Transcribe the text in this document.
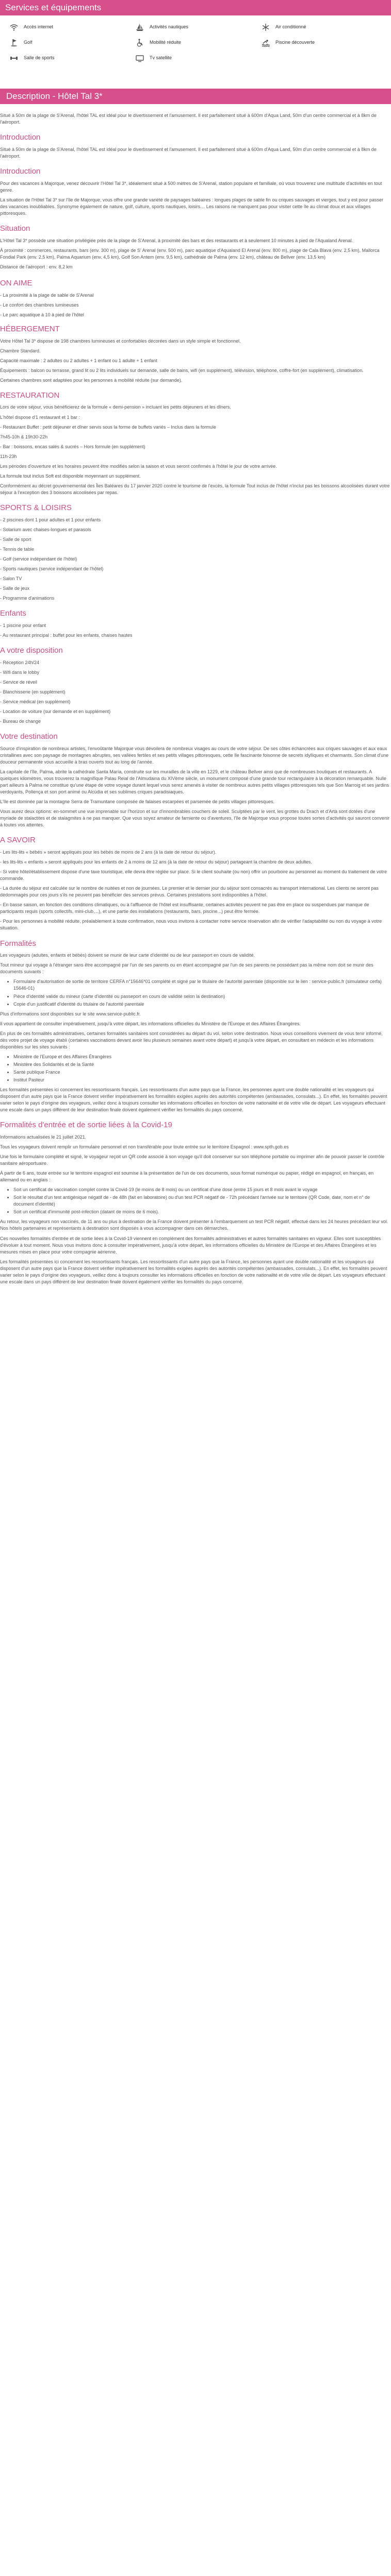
Services et équipements
Accès internet	Activités nautiques	Air conditionné
Golf	Mobilité réduite	Piscine découverte
Salle de sports	Tv satellite
Description - Hôtel Tal 3*

Situé à 50m de la plage de S'Arenal, l'hôtel TAL est idéal pour le divertissement et l'amusement. Il est parfaitement situé à 600m d'Aqua Land, 50m d'un centre commercial et à 8km de l'aéroport.

Introduction

Situé à 50m de la plage de S'Arenal, l'hôtel TAL est idéal pour le divertissement et l'amusement. Il est parfaitement situé à 600m d'Aqua Land, 50m d'un centre commercial et à 8km de l'aéroport.

Introduction

Pour des vacances à Majorque, venez découvrir l'Hôtel Tal 3*, idéalement situé à 500 mètres de S'Arenal, station populaire et familiale, où vous trouverez une multitude d'activités en tout genre.

La situation de l'Hôtel Tal 3* sur l'île de Majorque, vous offre une grande variété de paysages baléaires : longues plages de sable fin ou criques sauvages et vierges, tout y est pour passer des vacances inoubliables. Synonyme également de nature, golf, culture, sports nautiques, loisirs… Les raisons ne manquent pas pour visiter cette île au climat doux et aux villages pittoresques.

Situation

L'Hôtel Tal 3* possède une situation privilégiée près de la plage de S'Arenal, à proximité des bars et des restaurants et à seulement 10 minutes à pied de l'Aqualand Arenal.

À proximité : commerces, restaurants, bars (env. 300 m), plage de S' Arenal (env. 500 m), parc aquatique d'Aqualand El Arenal (env. 800 m), plage de Cala Blava (env. 2,5 km), Mallorca Fondial Park (env. 2,5 km), Palma Aquarium (env. 4,5 km), Golf Son Antem (env. 9,5 km), cathédrale de Palma (env. 12 km), château de Bellver (env. 13,5 km)

Distance de l'aéroport : env. 8,2 km

ON AIME

- La proximité à la plage de sable de S'Arenal

- Le confort des chambres lumineuses

- Le parc aquatique à 10 à pied de l'hôtel

HÉBERGEMENT

Votre Hôtel Tal 3* dispose de 198 chambres lumineuses et confortables décorées dans un style simple et fonctionnel.

Chambre Standard.

Capacité maximale : 2 adultes ou 2 adultes + 1 enfant ou 1 adulte + 1 enfant

Équipements : balcon ou terrasse, grand lit ou 2 lits individuels sur demande, salle de bains, wifi (en supplément), télévision, téléphone, coffre-fort (en supplément), climatisation.

Certaines chambres sont adaptées pour les personnes à mobilité réduite (sur demande).

RESTAURATION

Lors de votre séjour, vous bénéficierez de la formule « demi-pension » incluant les petits déjeuners et les dîners.

L'hôtel dispose d'1 restaurant et 1 bar :

- Restaurant Buffet : petit déjeuner et dîner servis sous la forme de buffets variés – Inclus dans la formule

7h45-10h & 19h30-22h

- Bar : boissons, encas salés & sucrés – Hors formule (en supplément)

11h-23h

Les périodes d'ouverture et les horaires peuvent être modifiés selon la saison et vous seront confirmés à l'hôtel le jour de votre arrivée.

La formule tout inclus Soft est disponible moyennant un supplément.

Conformément au décret gouvernemental des Îles Baléares du 17 janvier 2020 contre le tourisme de l'excès, la formule Tout inclus de l'hôtel n'inclut pas les boissons alcoolisées durant votre séjour à l'exception des 3 boissons alcoolisées par repas.

SPORTS & LOISIRS

- 2 piscines dont 1 pour adultes et 1 pour enfants

- Solarium avec chaises-longues et parasols

- Salle de sport

- Tennis de table

- Golf (service indépendant de l'hôtel)

- Sports nautiques (service indépendant de l'hôtel)

- Salon TV

- Salle de jeux

- Programme d'animations

Enfants

- 1 piscine pour enfant

- Au restaurant principal : buffet pour les enfants, chaises hautes

A votre disposition

- Réception 24h/24

- Wifi dans le lobby

- Service de réveil

- Blanchisserie (en supplément)

- Service médical (en supplément)

- Location de voiture (sur demande et en supplément)

- Bureau de change

Votre destination

Source d'inspiration de nombreux artistes, l'envoûtante Majorque vous dévoilera de nombreux visages au cours de votre séjour. De ses côtes échancrées aux criques sauvages et aux eaux cristallines avec son paysage de montagnes abruptes, ses vallées fertiles et ses petits villages pittoresques, cette île fascinante foisonne de secrets idylliques et charmants. Son climat d'une douceur permanente vous accueille à bras ouverts tout au long de l'année.

La capitale de l'île, Palma, abrite la cathédrale Santa María, construite sur les murailles de la ville en 1229, et le château Bellver ainsi que de nombreuses boutiques et restaurants. A quelques kilomètres, vous trouverez la magnifique Palau Reial de l'Almudaina du XIVème siècle, un monument composé d'une grande tour rectangulaire à la décoration remarquable. Nulle part ailleurs à Palma ne constitue qu'une étape de votre voyage durant lequel vous serez amenés à visiter de nombreux autres petits villages pittoresques tels que Son Marroig et ses jardins verdoyants, Pollença et son port animé ou Alcúdia et ses sublimes criques paradisiaques.

L'île est dominée par la montagne Serra de Tramuntane composée de falaises escarpées et parsemée de petits villages pittoresques.

Vous aurez deux options: en-sommet une vue imprenable sur l'horizon et sur d'innombrables couchers de soleil. Sculptées par le vent, les grottes du Drach et d'Artà sont dotées d'une myriade de stalactites et de stalagmites à ne pas manquer. Que vous soyez amateur de farniente ou d'aventures, l'île de Majorque vous propose toutes sortes d'activités qui sauront convenir à toutes vos attentes.

A SAVOIR

- Les lits-lits « bébés » seront appliqués pour les bébés de moins de 2 ans (à la date de retour du séjour).

- les lits-lits « enfants » seront appliqués pour les enfants de 2 à moins de 12 ans (à la date de retour du séjour) partageant la chambre de deux adultes.

- Si votre hôtel/établissement dispose d'une taxe touristique, elle devra être réglée sur place. Si le client souhaite (ou non) offrir un pourboire au personnel au moment du traitement de votre commande.

- La durée du séjour est calculée sur le nombre de nuitées et non de journées. Le premier et le dernier jour du séjour sont consacrés au transport international. Les clients ne seront pas dédommagés pour ces jours s'ils ne peuvent pas bénéficier des services prévus. Certaines prestations sont indisponibles à l'hôtel.

- En basse saison, en fonction des conditions climatiques, ou à l'affluence de l'hôtel est insuffisante, certaines activités peuvent ne pas être en place ou suspendues par manque de participants requis (sports collectifs, mini-club,...), et une partie des installations (restaurants, bars, piscine...) peut être fermée.

- Pour les personnes à mobilité réduite, préalablement à toute confirmation, nous vous invitons à contacter notre service réservation afin de vérifier l'adaptabilité ou non du voyage à votre situation.

Formalités

Les voyageurs (adultes, enfants et bébés) doivent se munir de leur carte d'identité ou de leur passeport en cours de validité.

Tout mineur qui voyage à l'étranger sans être accompagné par l'un de ses parents ou en étant accompagné par l'un de ses parents ne possédant pas la même nom doit se munir des documents suivants :

• Formulaire d'autorisation de sortie de territoire CERFA n°15646*01 complété et signé par le titulaire de l'autorité parentale (disponible sur le lien : service-public.fr (simulateur cerfa) 15646-01)
• Pièce d'identité valide du mineur (carte d'identité ou passeport en cours de validité selon la destination)
• Copie d'un justificatif d'identité du titulaire de l'autorité parentale

Plus d'informations sont disponibles sur le site www.service-public.fr.

Il vous appartient de consulter impérativement, jusqu'à votre départ, les informations officielles du Ministère de l'Europe et des Affaires Étrangères.

En plus de ces formalités administratives, certaines formalités sanitaires sont considérées au départ du vol, selon votre destination. Nous vous conseillons vivement de vous tenir informé, dès votre projet de voyage établi (certaines vaccinations devant avoir lieu plusieurs semaines avant votre départ) et jusqu'à votre départ, en consultant en médecin et les informations disponibles sur les sites suivants :

• Ministère de l'Europe et des Affaires Étrangères
• Ministère des Solidarités et de la Santé
• Santé publique France
• Institut Pasteur

Les formalités présentées ici concernent les ressortissants français. Les ressortissants d'un autre pays que la France, les personnes ayant une double nationalité et les voyageurs qui disposent d'un autre pays que la France doivent vérifier impérativement les formalités exigées auprès des autorités compétentes (ambassades, consulats...). En effet, les formalités peuvent varier selon le pays d'origine des voyageurs, veillez donc à toujours consulter les informations officielles en fonction de votre nationalité et de votre ville de départ. Les voyageurs effectuant une escale dans un pays différent de leur destination finale doivent également vérifier les formalités du pays concerné.

Formalités d'entrée et de sortie liées à la Covid-19

Informations actualisées le 21 juillet 2021.

Tous les voyageurs doivent remplir un formulaire personnel et non transférable pour toute entrée sur le territoire Espagnol : www.spth.gob.es

Une fois le formulaire complété et signé, le voyageur reçoit un QR code associé à son voyage qu'il doit conserver sur son téléphone portable ou imprimer afin de pouvoir passer le contrôle sanitaire aéroportuaire.

À partir de 6 ans, toute entrée sur le territoire espagnol est soumise à la présentation de l'un de ces documents, sous format numérique ou papier, rédigé en espagnol, en français, en allemand ou en anglais :

• Soit un certificat de vaccination complet contre la Covid-19 (le moins de 8 mois) ou un certificat d'une dose (entre 15 jours et 8 mois avant le voyage
• Soit le résultat d'un test antigénique négatif de - de 48h (fait en laboratoire) ou d'un test PCR négatif de - 72h précédant l'arrivée sur le territoire (QR Code, date, nom et n° de document d'identité)
• Soit un certificat d'immunité post-infection (datant de moins de 6 mois).

Au retour, les voyageurs non vaccinés, de 11 ans ou plus à destination de la France doivent présenter à l'embarquement un test PCR négatif, effectué dans les 24 heures précédant leur vol. Nos hôtels partenaires et représentants à destination sont disposés à vous accompagner dans ces démarches.

Ces nouvelles formalités d'entrée et de sortie liées à la Covid-19 viennent en complément des formalités administratives et autres formalités sanitaires en vigueur. Elles sont susceptibles d'évoluer à tout moment. Nous vous invitons donc à consulter impérativement, jusqu'à votre départ, les informations officielles du Ministère de l'Europe et des Affaires Étrangères et les mesures mises en place pour votre compagnie aérienne.

Les formalités présentées ici concernent les ressortissants français. Les ressortissants d'un autre pays que la France, les personnes ayant une double nationalité et les voyageurs qui disposent d'un autre pays que la France doivent vérifier impérativement les formalités exigées auprès des autorités compétentes (ambassades, consulats...). En effet, les formalités peuvent varier selon le pays d'origine des voyageurs, veillez donc à toujours consulter les informations officielles en fonction de votre nationalité et de votre ville de départ. Les voyageurs effectuant une escale dans un pays différent de leur destination finale doivent également vérifier les formalités du pays concerné.
